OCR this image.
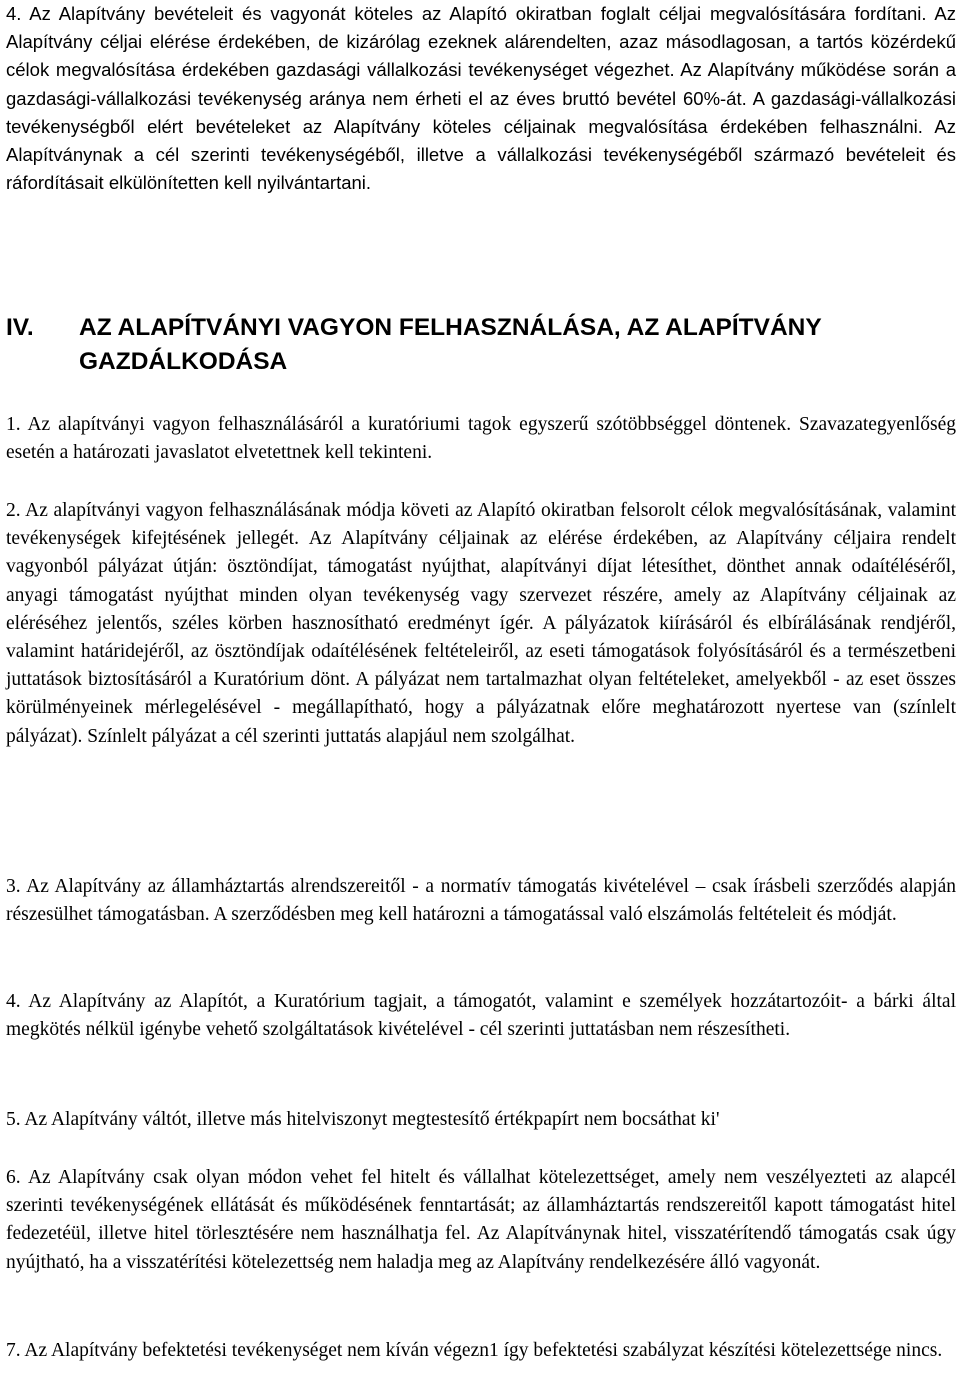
4. Az Alapítvány bevételeit és vagyonát köteles az Alapító okiratban foglalt céljai megvalósítására fordítani. Az Alapítvány céljai elérése érdekében, de kizárólag ezeknek alárendelten, azaz másodlagosan, a tartós közérdekű célok megvalósítása érdekében gazdasági vállalkozási tevékenységet végezhet. Az Alapítvány működése során a gazdasági-vállalkozási tevékenység aránya nem érheti el az éves bruttó bevétel 60%-át. A gazdasági-vállalkozási tevékenységből elért bevételeket az Alapítvány köteles céljainak megvalósítása érdekében felhasználni. Az Alapítványnak a cél szerinti tevékenységéből, illetve a vállalkozási tevékenységéből származó bevételeit és ráfordításait elkülönítetten kell nyilvántartani.

IV. AZ ALAPÍTVÁNYI VAGYON FELHASZNÁLÁSA, AZ ALAPÍTVÁNY GAZDÁLKODÁSA

1. Az alapítványi vagyon felhasználásáról a kuratóriumi tagok egyszerű szótöbbséggel döntenek. Szavazategyenlőség esetén a határozati javaslatot elvetettnek kell tekinteni.

2. Az alapítványi vagyon felhasználásának módja követi az Alapító okiratban felsorolt célok megvalósításának, valamint tevékenységek kifejtésének jellegét. Az Alapítvány céljainak az elérése érdekében, az Alapítvány céljaira rendelt vagyonból pályázat útján: ösztöndíjat, támogatást nyújthat, alapítványi díjat létesíthet, dönthet annak odaítéléséről, anyagi támogatást nyújthat minden olyan tevékenység vagy szervezet részére, amely az Alapítvány céljainak az eléréséhez jelentős, széles körben hasznosítható eredményt ígér. A pályázatok kiírásáról és elbírálásának rendjéről, valamint határidejéről, az ösztöndíjak odaítélésének feltételeiről, az eseti támogatások folyósításáról és a természetbeni juttatások biztosításáról a Kuratórium dönt. A pályázat nem tartalmazhat olyan feltételeket, amelyekből - az eset összes körülményeinek mérlegelésével - megállapítható, hogy a pályázatnak előre meghatározott nyertese van (színlelt pályázat). Színlelt pályázat a cél szerinti juttatás alapjául nem szolgálhat.

3. Az Alapítvány az államháztartás alrendszereitől - a normatív támogatás kivételével – csak írásbeli szerződés alapján részesülhet támogatásban. A szerződésben meg kell határozni a támogatással való elszámolás feltételeit és módját.

4. Az Alapítvány az Alapítót, a Kuratórium tagjait, a támogatót, valamint e személyek hozzátartozóit- a bárki által megkötés nélkül igénybe vehető szolgáltatások kivételével - cél szerinti juttatásban nem részesítheti.

5. Az Alapítvány váltót, illetve más hitelviszonyt megtestesítő értékpapírt nem bocsáthat ki'

6. Az Alapítvány csak olyan módon vehet fel hitelt és vállalhat kötelezettséget, amely nem veszélyezteti az alapcél szerinti tevékenységének ellátását és működésének fenntartását; az államháztartás rendszereitől kapott támogatást hitel fedezetéül, illetve hitel törlesztésére nem használhatja fel. Az Alapítványnak hitel, visszatérítendő támogatás csak úgy nyújtható, ha a visszatérítési kötelezettség nem haladja meg az Alapítvány rendelkezésére álló vagyonát.

7. Az Alapítvány befektetési tevékenységet nem kíván végezn1 így befektetési szabályzat készítési kötelezettsége nincs.
